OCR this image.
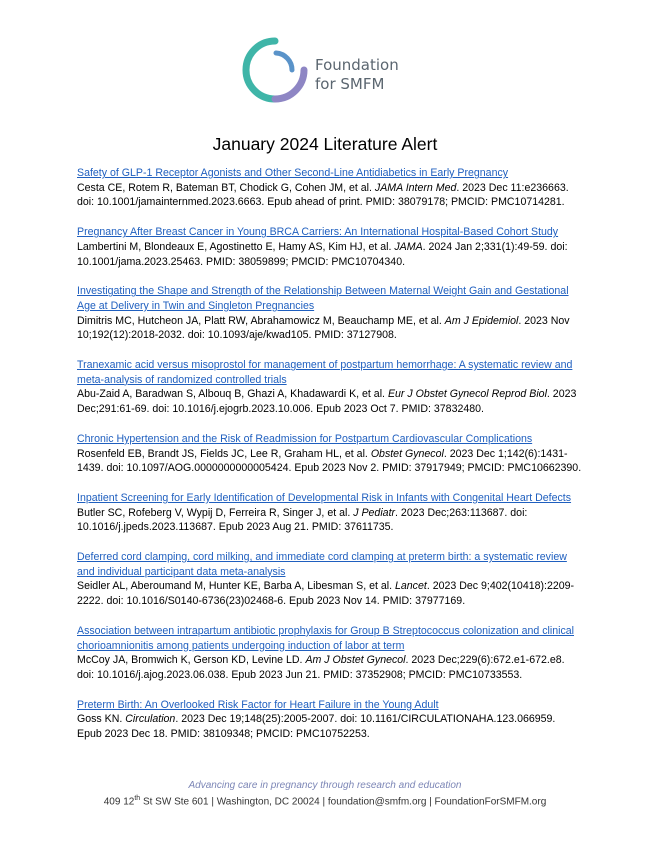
Foundation
for SMFM
January 2024 Literature Alert
Safety of GLP-1 Receptor Agonists and Other Second-Line Antidiabetics in Early Pregnancy
Cesta CE, Rotem R, Bateman BT, Chodick G, Cohen JM, et al. JAMA Intern Med. 2023 Dec 11:e236663. doi: 10.1001/jamainternmed.2023.6663. Epub ahead of print. PMID: 38079178; PMCID: PMC10714281.
Pregnancy After Breast Cancer in Young BRCA Carriers: An International Hospital-Based Cohort Study
Lambertini M, Blondeaux E, Agostinetto E, Hamy AS, Kim HJ, et al. JAMA. 2024 Jan 2;331(1):49-59. doi: 10.1001/jama.2023.25463. PMID: 38059899; PMCID: PMC10704340.
Investigating the Shape and Strength of the Relationship Between Maternal Weight Gain and Gestational Age at Delivery in Twin and Singleton Pregnancies
Dimitris MC, Hutcheon JA, Platt RW, Abrahamowicz M, Beauchamp ME, et al. Am J Epidemiol. 2023 Nov 10;192(12):2018-2032. doi: 10.1093/aje/kwad105. PMID: 37127908.
Tranexamic acid versus misoprostol for management of postpartum hemorrhage: A systematic review and meta-analysis of randomized controlled trials
Abu-Zaid A, Baradwan S, Albouq B, Ghazi A, Khadawardi K, et al. Eur J Obstet Gynecol Reprod Biol. 2023 Dec;291:61-69. doi: 10.1016/j.ejogrb.2023.10.006. Epub 2023 Oct 7. PMID: 37832480.
Chronic Hypertension and the Risk of Readmission for Postpartum Cardiovascular Complications
Rosenfeld EB, Brandt JS, Fields JC, Lee R, Graham HL, et al. Obstet Gynecol. 2023 Dec 1;142(6):1431-1439. doi: 10.1097/AOG.0000000000005424. Epub 2023 Nov 2. PMID: 37917949; PMCID: PMC10662390.
Inpatient Screening for Early Identification of Developmental Risk in Infants with Congenital Heart Defects
Butler SC, Rofeberg V, Wypij D, Ferreira R, Singer J, et al. J Pediatr. 2023 Dec;263:113687. doi: 10.1016/j.jpeds.2023.113687. Epub 2023 Aug 21. PMID: 37611735.
Deferred cord clamping, cord milking, and immediate cord clamping at preterm birth: a systematic review and individual participant data meta-analysis
Seidler AL, Aberoumand M, Hunter KE, Barba A, Libesman S, et al. Lancet. 2023 Dec 9;402(10418):2209-2222. doi: 10.1016/S0140-6736(23)02468-6. Epub 2023 Nov 14. PMID: 37977169.
Association between intrapartum antibiotic prophylaxis for Group B Streptococcus colonization and clinical chorioamnionitis among patients undergoing induction of labor at term
McCoy JA, Bromwich K, Gerson KD, Levine LD. Am J Obstet Gynecol. 2023 Dec;229(6):672.e1-672.e8. doi: 10.1016/j.ajog.2023.06.038. Epub 2023 Jun 21. PMID: 37352908; PMCID: PMC10733553.
Preterm Birth: An Overlooked Risk Factor for Heart Failure in the Young Adult
Goss KN. Circulation. 2023 Dec 19;148(25):2005-2007. doi: 10.1161/CIRCULATIONAHA.123.066959. Epub 2023 Dec 18. PMID: 38109348; PMCID: PMC10752253.
Advancing care in pregnancy through research and education
409 12th St SW Ste 601 | Washington, DC 20024 | foundation@smfm.org | FoundationForSMFM.org
